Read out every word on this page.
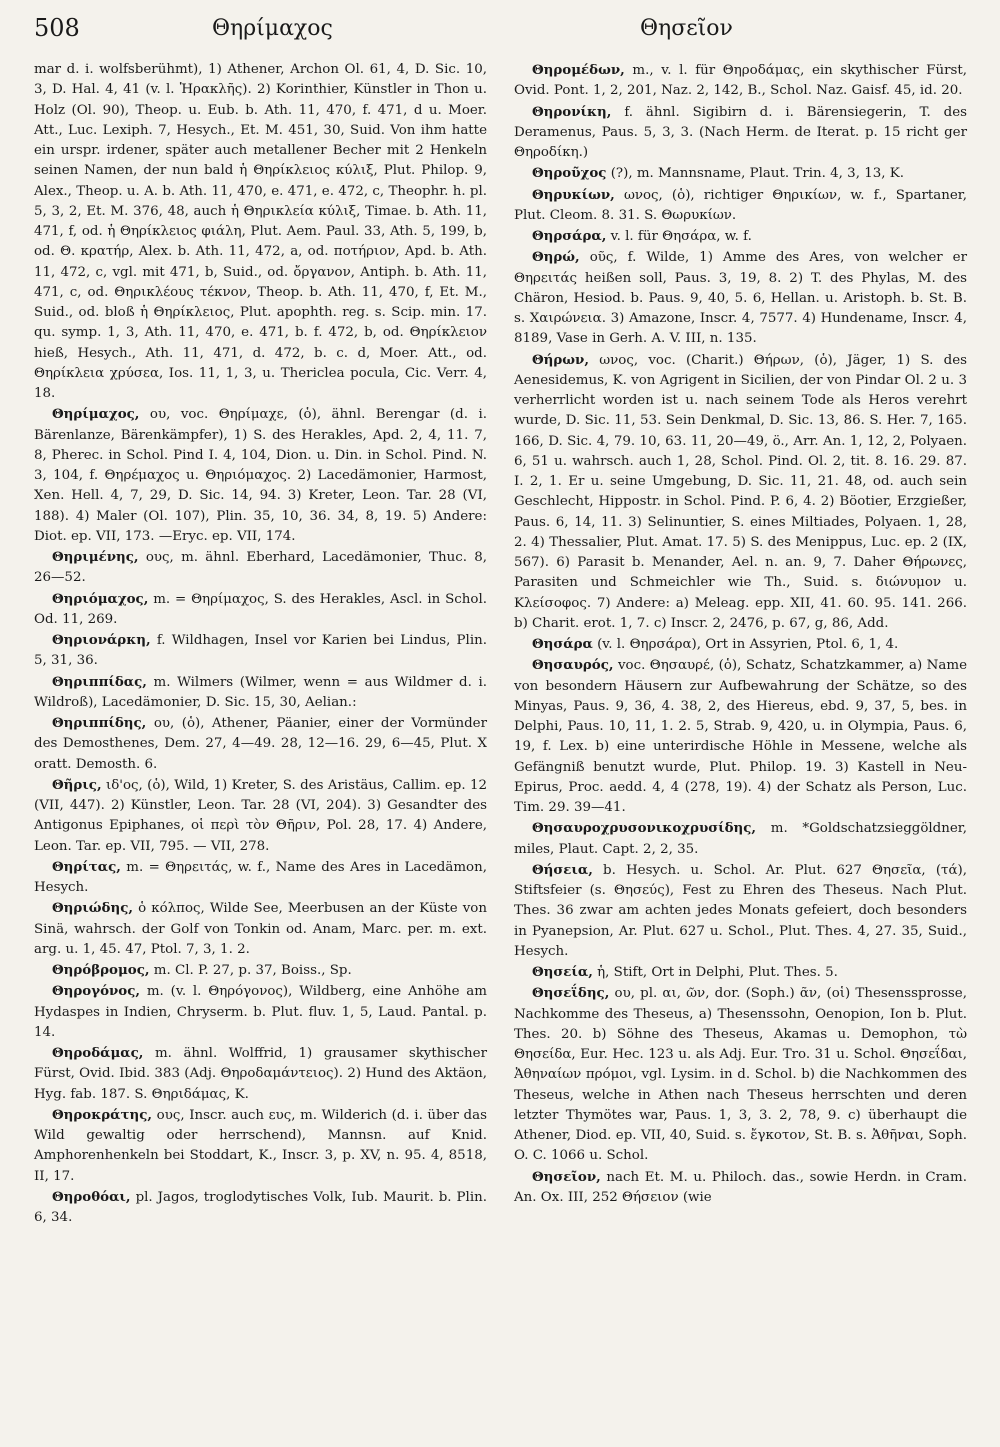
508	Θηρίμαχος	Θησεῖον

mar d. i. wolfsberühmt), 1) Athener, Archon Ol. 61, 4, D. Sic. 10, 3, D. Hal. 4, 41 (v. l. Ἡρακλῆς). 2) Korinthier, Künstler in Thon u. Holz (Ol. 90), Theop. u. Eub. b. Ath. 11, 470, f. 471, d u. Moer. Att., Luc. Lexiph. 7, Hesych., Et. M. 451, 30, Suid. Von ihm hatte ein urspr. irdener, später auch metallener Becher mit 2 Henkeln seinen Namen, der nun bald ἡ Θηρίκλειος κύλιξ, Plut. Philop. 9, Alex., Theop. u. A. b. Ath. 11, 470, e. 471, e. 472, c, Theophr. h. pl. 5, 3, 2, Et. M. 376, 48, auch ἡ Θηρικλεία κύλιξ, Timae. b. Ath. 11, 471, f, od. ἡ Θηρίκλειος φιάλη, Plut. Aem. Paul. 33, Ath. 5, 199, b, od. Θ. κρατήρ, Alex. b. Ath. 11, 472, a, od. ποτήριον, Apd. b. Ath. 11, 472, c, vgl. mit 471, b, Suid., od. ὄργανον, Antiph. b. Ath. 11, 471, c, od. Θηρικλέους τέκνον, Theop. b. Ath. 11, 470, f, Et. M., Suid., od. bloß ἡ Θηρίκλειος, Plut. apophth. reg. s. Scip. min. 17. qu. symp. 1, 3, Ath. 11, 470, e. 471, b. f. 472, b, od. Θηρίκλειον hieß, Hesych., Ath. 11, 471, d. 472, b. c. d, Moer. Att., od. Θηρίκλεια χρύσεα, Ios. 11, 1, 3, u. Thericlea pocula, Cic. Verr. 4, 18.

Θηρίμαχος, ου, voc. Θηρίμαχε, (ὁ), ähnl. Berengar (d. i. Bärenlanze, Bärenkämpfer), 1) S. des Herakles, Apd. 2, 4, 11. 7, 8, Pherec. in Schol. Pind I. 4, 104, Dion. u. Din. in Schol. Pind. N. 3, 104, f. Θηρέμαχος u. Θηριόμαχος. 2) Lacedämonier, Harmost, Xen. Hell. 4, 7, 29, D. Sic. 14, 94. 3) Kreter, Leon. Tar. 28 (VI, 188). 4) Maler (Ol. 107), Plin. 35, 10, 36. 34, 8, 19. 5) Andere: Diot. ep. VII, 173. —Eryc. ep. VII, 174.

Θηριμένης, ους, m. ähnl. Eberhard, Lacedämonier, Thuc. 8, 26—52.

Θηριόμαχος, m. = Θηρίμαχος, S. des Herakles, Ascl. in Schol. Od. 11, 269.

Θηριονάρκη, f. Wildhagen, Insel vor Karien bei Lindus, Plin. 5, 31, 36.

Θηριππίδας, m. Wilmers (Wilmer, wenn = aus Wildmer d. i. Wildroß), Lacedämonier, D. Sic. 15, 30, Aelian.:

Θηριππίδης, ου, (ὁ), Athener, Päanier, einer der Vormünder des Demosthenes, Dem. 27, 4—49. 28, 12—16. 29, 6—45, Plut. X oratt. Demosth. 6.

Θῆρις, ιδ'ος, (ὁ), Wild, 1) Kreter, S. des Aristäus, Callim. ep. 12 (VII, 447). 2) Künstler, Leon. Tar. 28 (VI, 204). 3) Gesandter des Antigonus Epiphanes, οἱ περὶ τὸν Θῆριν, Pol. 28, 17. 4) Andere, Leon. Tar. ep. VII, 795. — VII, 278.

Θηρίτας, m. = Θηρειτάς, w. f., Name des Ares in Lacedämon, Hesych.

Θηριώδης, ὁ κόλπος, Wilde See, Meerbusen an der Küste von Sinä, wahrsch. der Golf von Tonkin od. Anam, Marc. per. m. ext. arg. u. 1, 45. 47, Ptol. 7, 3, 1. 2.

Θηρόβρομος, m. Cl. P. 27, p. 37, Boiss., Sp.

Θηρογόνος, m. (v. l. Θηρόγονος), Wildberg, eine Anhöhe am Hydaspes in Indien, Chryserm. b. Plut. fluv. 1, 5, Laud. Pantal. p. 14.

Θηροδάμας, m. ähnl. Wolffrid, 1) grausamer skythischer Fürst, Ovid. Ibid. 383 (Adj. Θηροδαμάντειος). 2) Hund des Aktäon, Hyg. fab. 187. S. Θηριδάμας, K.

Θηροκράτης, ους, Inscr. auch ευς, m. Wilderich (d. i. über das Wild gewaltig oder herrschend), Mannsn. auf Knid. Amphorenhenkeln bei Stoddart, K., Inscr. 3, p. XV, n. 95. 4, 8518, II, 17.

Θηροθόαι, pl. Jagos, troglodytisches Volk, Iub. Maurit. b. Plin. 6, 34.

Θηρομέδων, m., v. l. für Θηροδάμας, ein skythischer Fürst, Ovid. Pont. 1, 2, 201, Naz. 2, 142, B., Schol. Naz. Gaisf. 45, id. 20.

Θηρονίκη, f. ähnl. Sigibirn d. i. Bärensiegerin, T. des Deramenus, Paus. 5, 3, 3. (Nach Herm. de Iterat. p. 15 richt ger Θηροδίκη.)

Θηροῦχος (?), m. Mannsname, Plaut. Trin. 4, 3, 13, K.

Θηρυκίων, ωνος, (ὁ), richtiger Θηρικίων, w. f., Spartaner, Plut. Cleom. 8. 31. S. Θωρυκίων.

Θηρσάρα, v. l. für Θησάρα, w. f.

Θηρώ, οῦς, f. Wilde, 1) Amme des Ares, von welcher er Θηρειτάς heißen soll, Paus. 3, 19, 8. 2) T. des Phylas, M. des Chäron, Hesiod. b. Paus. 9, 40, 5. 6, Hellan. u. Aristoph. b. St. B. s. Χαιρώνεια. 3) Amazone, Inscr. 4, 7577. 4) Hundename, Inscr. 4, 8189, Vase in Gerh. A. V. III, n. 135.

Θήρων, ωνος, voc. (Charit.) Θήρων, (ὁ), Jäger, 1) S. des Aenesidemus, K. von Agrigent in Sicilien, der von Pindar Ol. 2 u. 3 verherrlicht worden ist u. nach seinem Tode als Heros verehrt wurde, D. Sic. 11, 53. Sein Denkmal, D. Sic. 13, 86. S. Her. 7, 165. 166, D. Sic. 4, 79. 10, 63. 11, 20—49, ö., Arr. An. 1, 12, 2, Polyaen. 6, 51 u. wahrsch. auch 1, 28, Schol. Pind. Ol. 2, tit. 8. 16. 29. 87. I. 2, 1. Er u. seine Umgebung, D. Sic. 11, 21. 48, od. auch sein Geschlecht, Hippostr. in Schol. Pind. P. 6, 4. 2) Böotier, Erzgießer, Paus. 6, 14, 11. 3) Selinuntier, S. eines Miltiades, Polyaen. 1, 28, 2. 4) Thessalier, Plut. Amat. 17. 5) S. des Menippus, Luc. ep. 2 (IX, 567). 6) Parasit b. Menander, Ael. n. an. 9, 7. Daher Θήρωνες, Parasiten und Schmeichler wie Th., Suid. s. διώνυμον u. Κλείσοφος. 7) Andere: a) Meleag. epp. XII, 41. 60. 95. 141. 266. b) Charit. erot. 1, 7. c) Inscr. 2, 2476, p. 67, g, 86, Add.

Θησάρα (v. l. Θηρσάρα), Ort in Assyrien, Ptol. 6, 1, 4.

Θησαυρός, voc. Θησαυρέ, (ὁ), Schatz, Schatzkammer, a) Name von besondern Häusern zur Aufbewahrung der Schätze, so des Minyas, Paus. 9, 36, 4. 38, 2, des Hiereus, ebd. 9, 37, 5, bes. in Delphi, Paus. 10, 11, 1. 2. 5, Strab. 9, 420, u. in Olympia, Paus. 6, 19, f. Lex. b) eine unterirdische Höhle in Messene, welche als Gefängniß benutzt wurde, Plut. Philop. 19. 3) Kastell in Neu-Epirus, Proc. aedd. 4, 4 (278, 19). 4) der Schatz als Person, Luc. Tim. 29. 39—41.

Θησαυροχρυσονικοχρυσίδης, m. *Goldschatzsieggöldner, miles, Plaut. Capt. 2, 2, 35.

Θήσεια, b. Hesych. u. Schol. Ar. Plut. 627 Θησεῖα, (τά), Stiftsfeier (s. Θησεύς), Fest zu Ehren des Theseus. Nach Plut. Thes. 36 zwar am achten jedes Monats gefeiert, doch besonders in Pyanepsion, Ar. Plut. 627 u. Schol., Plut. Thes. 4, 27. 35, Suid., Hesych.

Θησεία, ἡ, Stift, Ort in Delphi, Plut. Thes. 5.

Θησεΐδης, ου, pl. αι, ῶν, dor. (Soph.) ᾶν, (οἱ) Thesenssprosse, Nachkomme des Theseus, a) Thesenssohn, Oenopion, Ion b. Plut. Thes. 20. b) Söhne des Theseus, Akamas u. Demophon, τὼ Θησείδα, Eur. Hec. 123 u. als Adj. Eur. Tro. 31 u. Schol. Θησεΐδαι, Ἀθηναίων πρόμοι, vgl. Lysim. in d. Schol. b) die Nachkommen des Theseus, welche in Athen nach Theseus herrschten und deren letzter Thymötes war, Paus. 1, 3, 3. 2, 78, 9. c) überhaupt die Athener, Diod. ep. VII, 40, Suid. s. ἔγκοτον, St. B. s. Ἀθῆναι, Soph. O. C. 1066 u. Schol.

Θησεῖον, nach Et. M. u. Philoch. das., sowie Herdn. in Cram. An. Ox. III, 252 Θήσειον (wie
